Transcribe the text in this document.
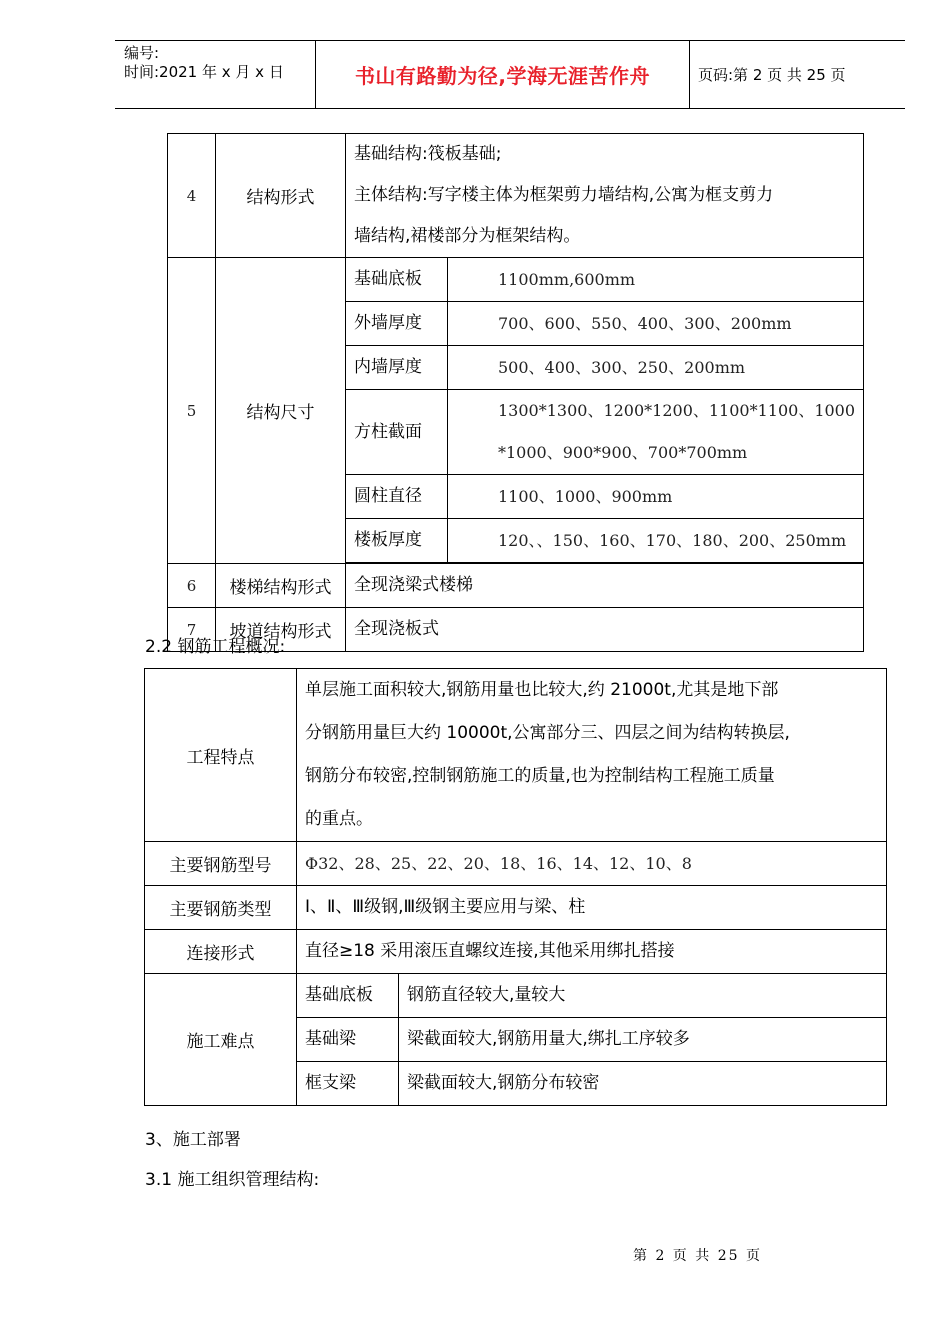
编号:
时间:2021 年 x 月 x 日	书山有路勤为径,学海无涯苦作舟	页码:第 2 页 共 25 页
4	结构形式	基础结构:筏板基础;
主体结构:写字楼主体为框架剪力墙结构,公寓为框支剪力
墙结构,裙楼部分为框架结构。	

5	结构尺寸	基础底板	1100mm,600mm
		外墙厚度	700、600、550、400、300、200mm
		内墙厚度	500、400、300、250、200mm
		方柱截面	1300*1300、1200*1200、1100*1100、1000
*1000、900*900、700*700mm

		圆柱直径	1100、1000、900mm
		楼板厚度	120、、150、160、170、180、200、250mm

6	楼梯结构形式	全现浇梁式楼梯	
7	坡道结构形式	全现浇板式	
2.2 钢筋工程概况:
工程特点	单层施工面积较大,钢筋用量也比较大,约 21000t,尤其是地下部
分钢筋用量巨大约 10000t,公寓部分三、四层之间为结构转换层,
钢筋分布较密,控制钢筋施工的质量,也为控制结构工程施工质量
的重点。	

主要钢筋型号	Φ32、28、25、22、20、18、16、14、12、10、8	
主要钢筋类型	Ⅰ、Ⅱ、Ⅲ级钢,Ⅲ级钢主要应用与梁、柱	
连接形式	直径≥18 采用滚压直螺纹连接,其他采用绑扎搭接	
施工难点	基础底板	钢筋直径较大,量较大
	基础梁	梁截面较大,钢筋用量大,绑扎工序较多
	框支梁	梁截面较大,钢筋分布较密
3、施工部署
3.1 施工组织管理结构:
第 2 页 共 25 页
